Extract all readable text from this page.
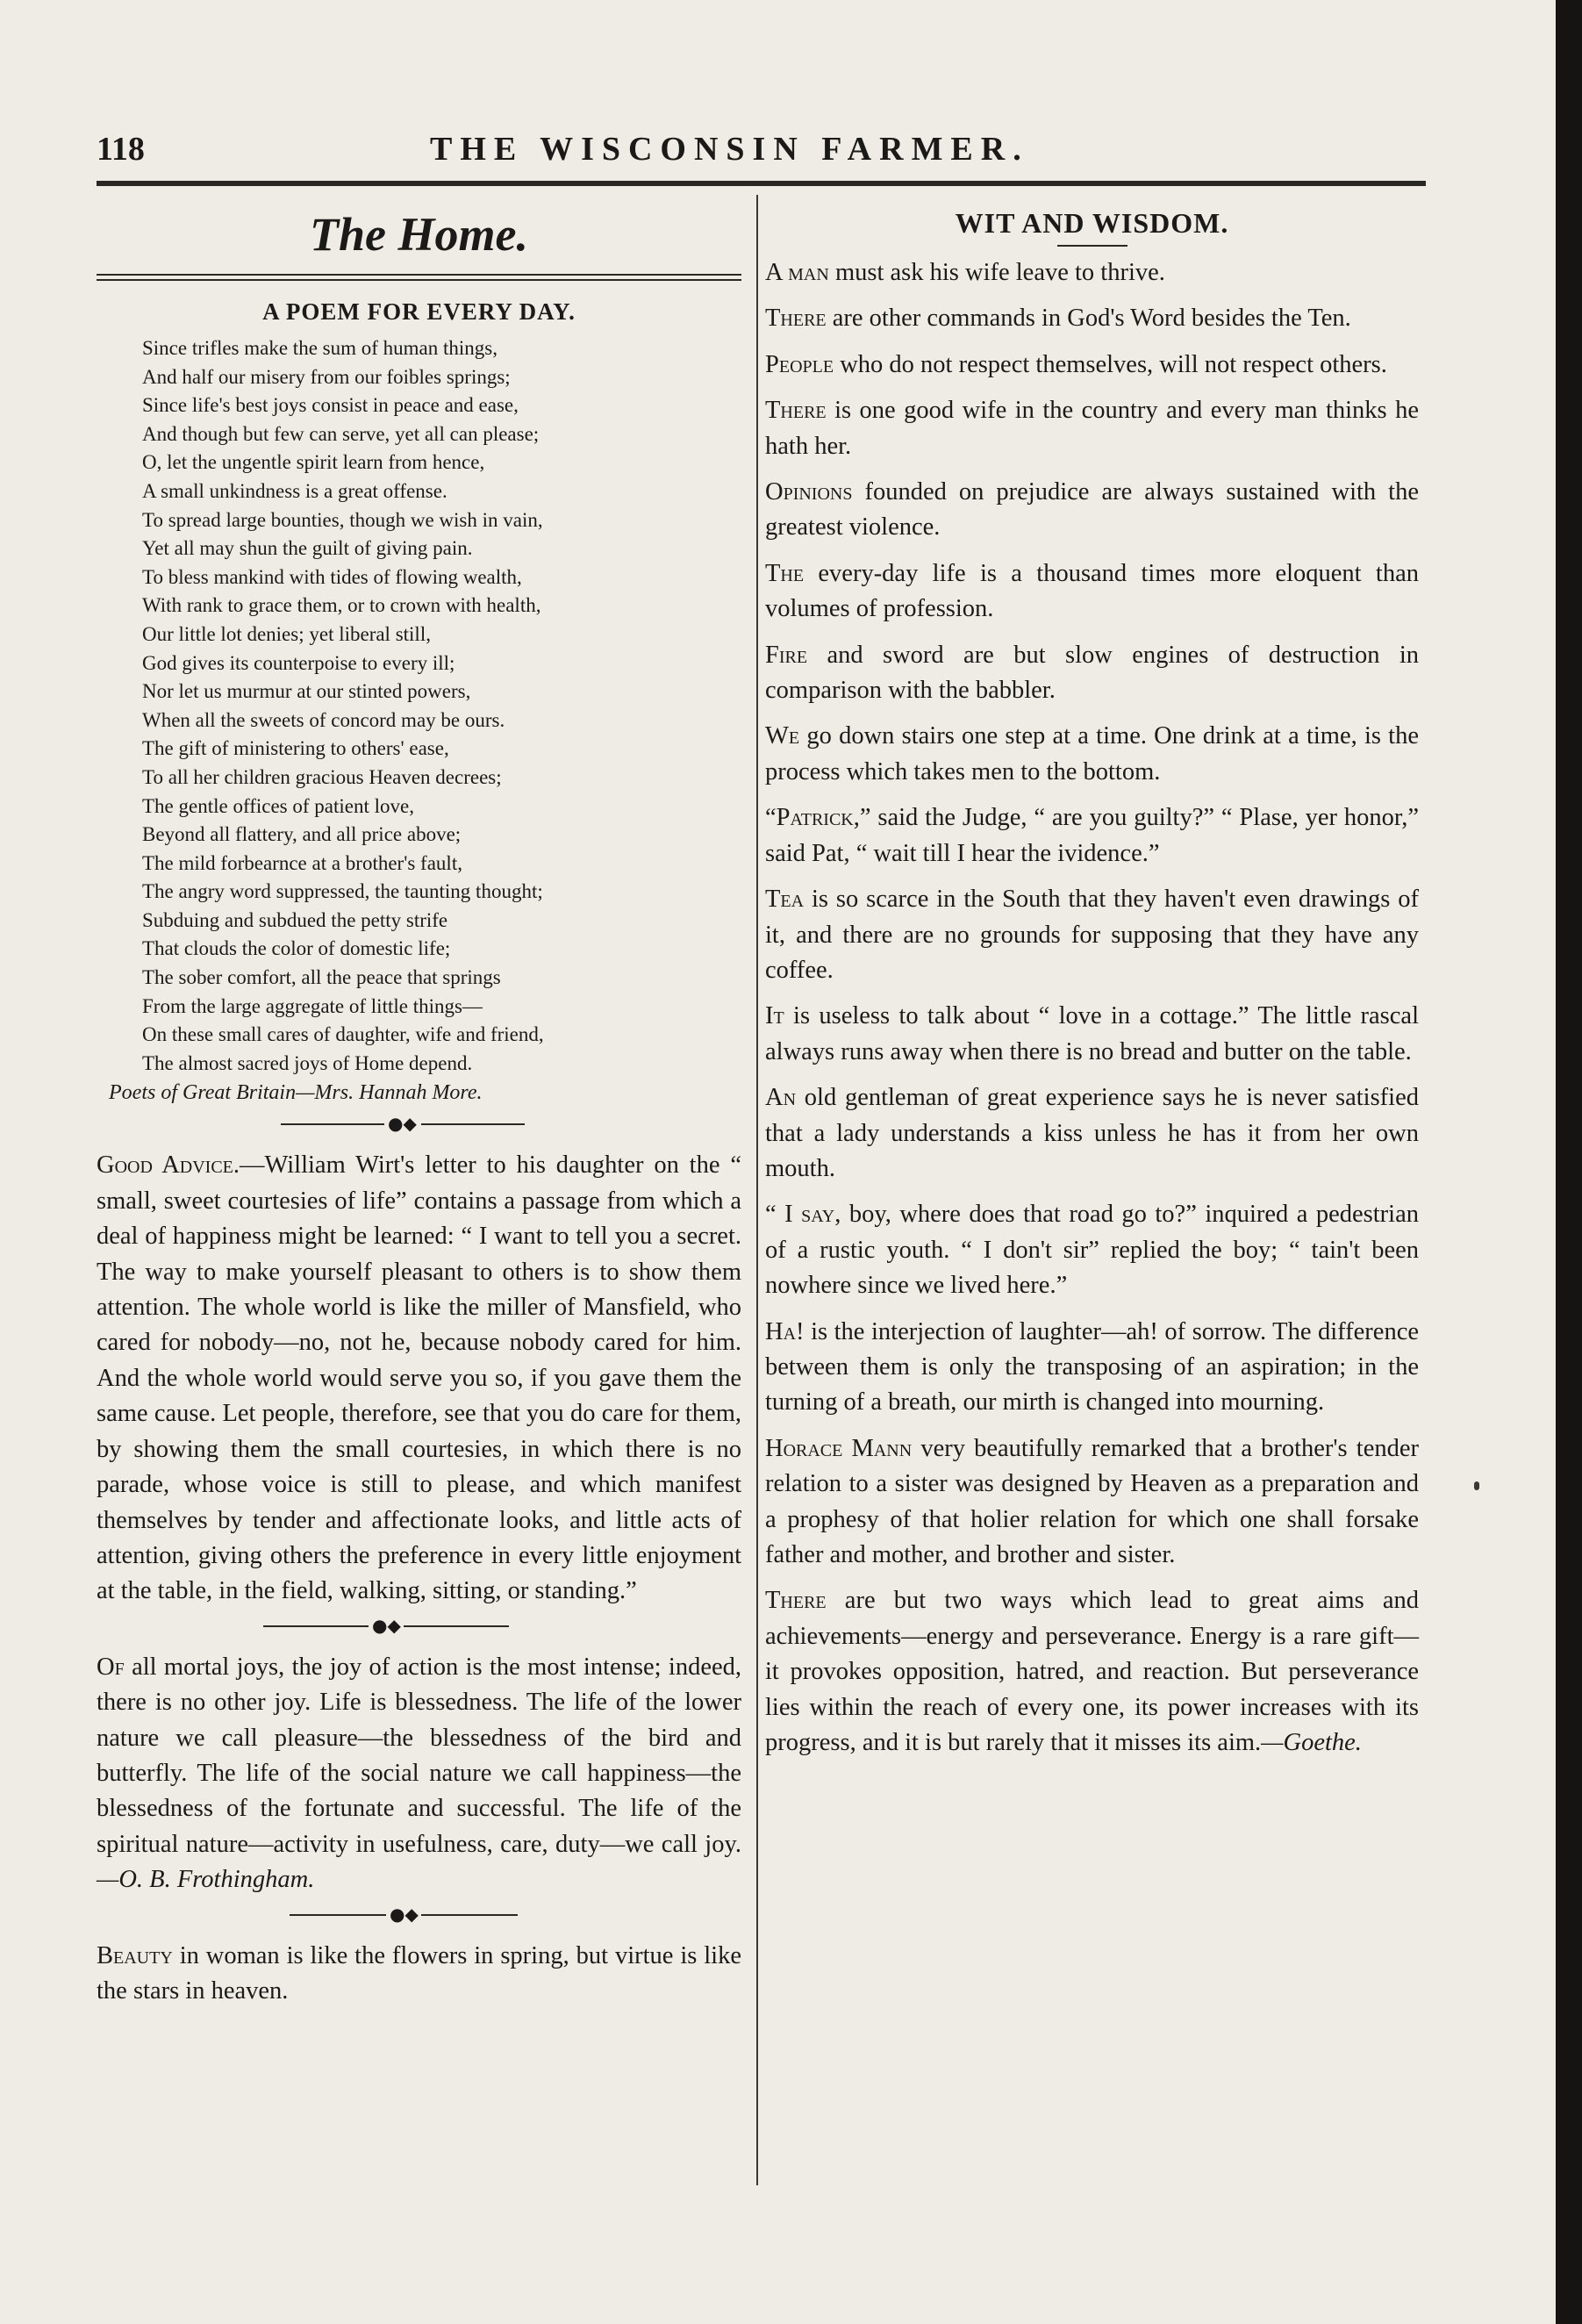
118	THE WISCONSIN FARMER.
The Home.
A POEM FOR EVERY DAY.
Since trifles make the sum of human things,
And half our misery from our foibles springs;
Since life's best joys consist in peace and ease,
And though but few can serve, yet all can please;
O, let the ungentle spirit learn from hence,
A small unkindness is a great offense.
To spread large bounties, though we wish in vain,
Yet all may shun the guilt of giving pain.
To bless mankind with tides of flowing wealth,
With rank to grace them, or to crown with health,
Our little lot denies; yet liberal still,
God gives its counterpoise to every ill;
Nor let us murmur at our stinted powers,
When all the sweets of concord may be ours.
The gift of ministering to others' ease,
To all her children gracious Heaven decrees;
The gentle offices of patient love,
Beyond all flattery, and all price above;
The mild forbearnce at a brother's fault,
The angry word suppressed, the taunting thought;
Subduing and subdued the petty strife
That clouds the color of domestic life;
The sober comfort, all the peace that springs
From the large aggregate of little things—
On these small cares of daughter, wife and friend,
The almost sacred joys of Home depend.
Poets of Great Britain—Mrs. Hannah More.
●◆

Good Advice.—William Wirt's letter to his daughter on the “ small, sweet courtesies of life” contains a passage from which a deal of happiness might be learned: “ I want to tell you a secret. The way to make yourself pleasant to others is to show them attention. The whole world is like the miller of Mansfield, who cared for nobody—no, not he, because nobody cared for him. And the whole world would serve you so, if you gave them the same cause. Let people, therefore, see that you do care for them, by showing them the small courtesies, in which there is no parade, whose voice is still to please, and which manifest themselves by tender and affectionate looks, and little acts of attention, giving others the preference in every little enjoyment at the table, in the field, walking, sitting, or standing.”

●◆

Of all mortal joys, the joy of action is the most intense; indeed, there is no other joy. Life is blessedness. The life of the lower nature we call pleasure—the blessedness of the bird and butterfly. The life of the social nature we call happiness—the blessedness of the fortunate and successful. The life of the spiritual nature—activity in usefulness, care, duty—we call joy.—O. B. Frothingham.

●◆

Beauty in woman is like the flowers in spring, but virtue is like the stars in heaven.

WIT AND WISDOM.

A man must ask his wife leave to thrive.

There are other commands in God's Word besides the Ten.

People who do not respect themselves, will not respect others.

There is one good wife in the country and every man thinks he hath her.

Opinions founded on prejudice are always sustained with the greatest violence.

The every-day life is a thousand times more eloquent than volumes of profession.

Fire and sword are but slow engines of destruction in comparison with the babbler.

We go down stairs one step at a time. One drink at a time, is the process which takes men to the bottom.

“Patrick,” said the Judge, “ are you guilty?” “ Plase, yer honor,” said Pat, “ wait till I hear the ividence.”

Tea is so scarce in the South that they haven't even drawings of it, and there are no grounds for supposing that they have any coffee.

It is useless to talk about “ love in a cottage.” The little rascal always runs away when there is no bread and butter on the table.

An old gentleman of great experience says he is never satisfied that a lady understands a kiss unless he has it from her own mouth.

“ I say, boy, where does that road go to?” inquired a pedestrian of a rustic youth. “ I don't sir” replied the boy; “ tain't been nowhere since we lived here.”

Ha! is the interjection of laughter—ah! of sorrow. The difference between them is only the transposing of an aspiration; in the turning of a breath, our mirth is changed into mourning.

Horace Mann very beautifully remarked that a brother's tender relation to a sister was designed by Heaven as a preparation and a prophesy of that holier relation for which one shall forsake father and mother, and brother and sister.

There are but two ways which lead to great aims and achievements—energy and perseverance. Energy is a rare gift—it provokes opposition, hatred, and reaction. But perseverance lies within the reach of every one, its power increases with its progress, and it is but rarely that it misses its aim.—Goethe.
